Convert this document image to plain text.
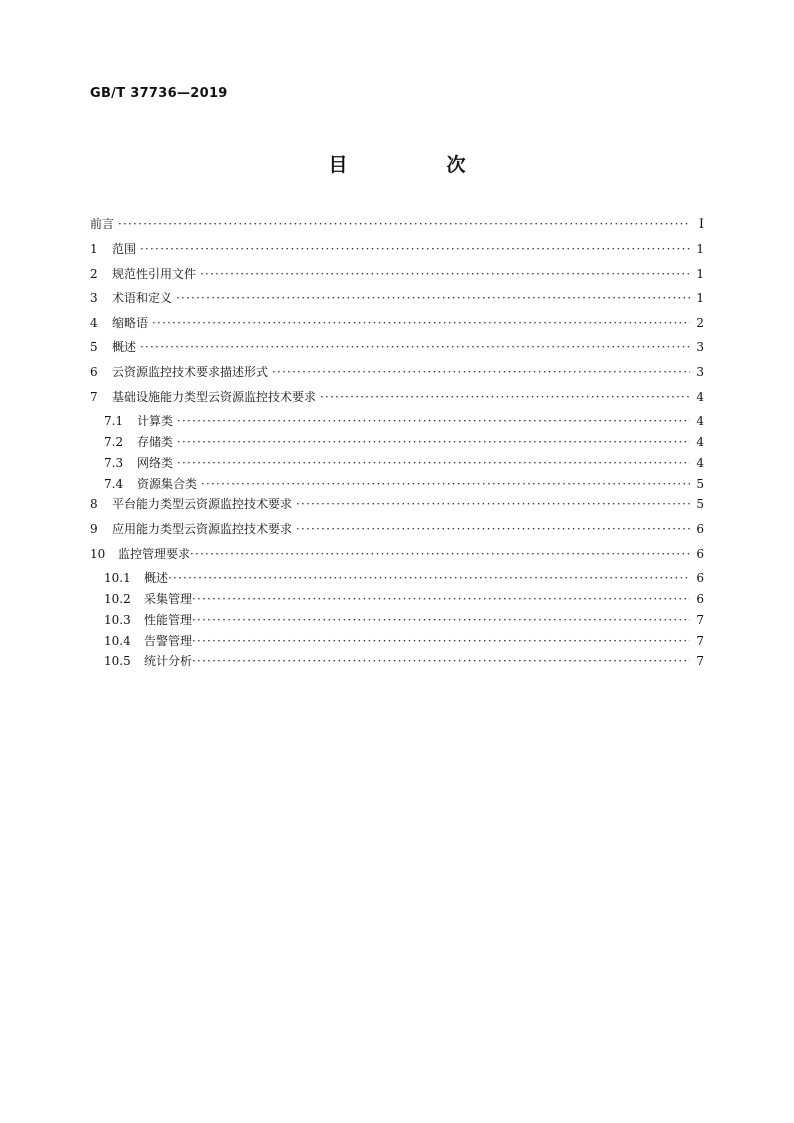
GB/T 37736—2019
目　次
前言 ·····	Ⅰ
1	范围 ·····	1
2	规范性引用文件 ·····	1
3	术语和定义 ·····	1
4	缩略语 ·····	2
5	概述 ·····	3
6	云资源监控技术要求描述形式 ·····	3
7	基础设施能力类型云资源监控技术要求 ·····	4
7.1	计算类 ·····	4
7.2	存储类 ·····	4
7.3	网络类 ·····	4
7.4	资源集合类 ·····	5
8	平台能力类型云资源监控技术要求 ·····	5
9	应用能力类型云资源监控技术要求 ·····	6
10	监控管理要求 ·····	6
10.1	概述 ·····	6
10.2	采集管理 ·····	6
10.3	性能管理 ·····	7
10.4	告警管理 ·····	7
10.5	统计分析 ·····	7
